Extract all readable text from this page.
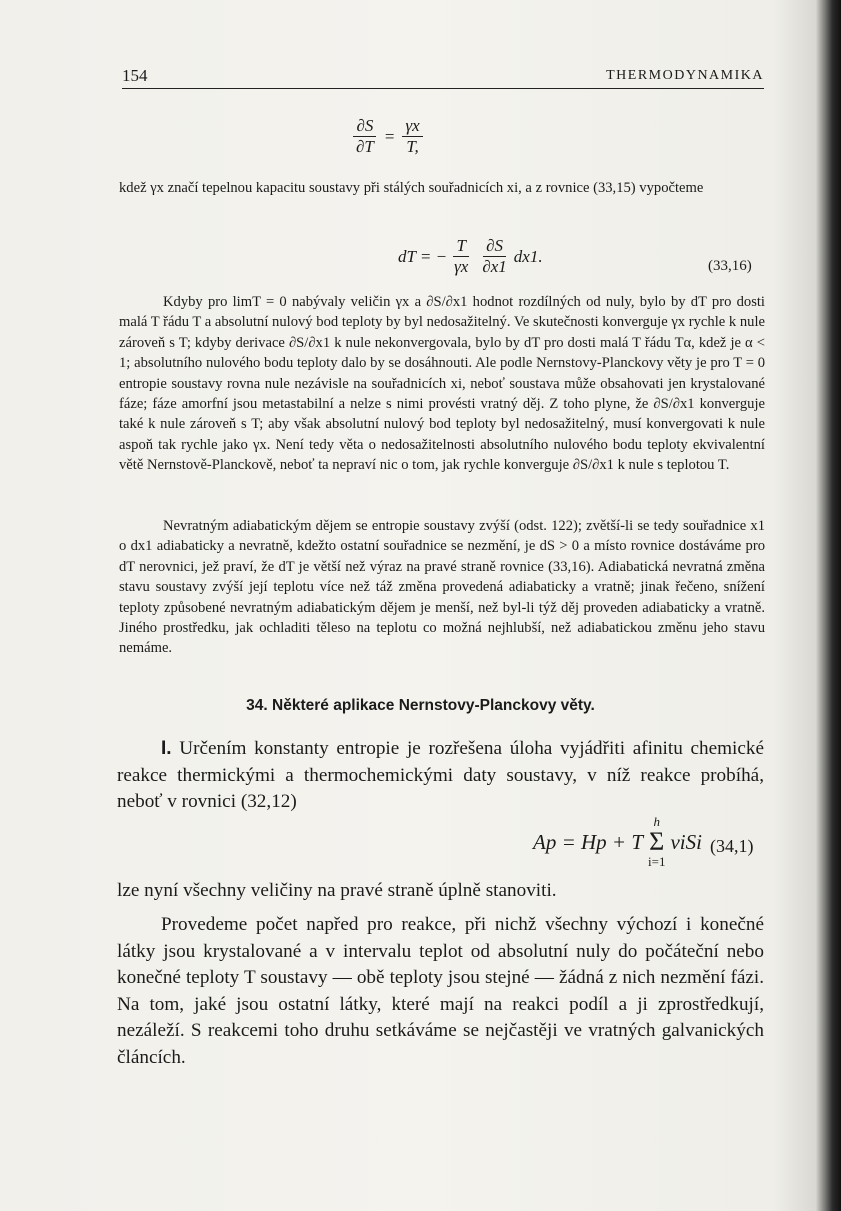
154	THERMODYNAMIKA
$\frac{\partial S}{\partial T} = \frac{\gamma x}{T,}$

kdež γx značí tepelnou kapacitu soustavy při stálých souřadnicích xi, a z rovnice (33,15) vypočteme

dT = − $\frac{T}{\gamma x} \frac{\partial S}{\partial x1} dx1$.
(33,16)

Kdyby pro limT = 0 nabývaly veličin γx a ∂S/∂x1 hodnot rozdílných od nuly, bylo by dT pro dosti malá T řádu T a absolutní nulový bod teploty by byl nedosažitelný. Ve skutečnosti konverguje γx rychle k nule zároveň s T; kdyby derivace ∂S/∂x1 k nule nekonvergovala, bylo by dT pro dosti malá T řádu Tα, kdež je α < 1; absolutního nulového bodu teploty dalo by se dosáhnouti. Ale podle Nernstovy-Planckovy věty je pro T = 0 entropie soustavy rovna nule nezávisle na souřadnicích xi, neboť soustava může obsahovati jen krystalované fáze; fáze amorfní jsou metastabilní a nelze s nimi provésti vratný děj. Z toho plyne, že ∂S/∂x1 konverguje také k nule zároveň s T; aby však absolutní nulový bod teploty byl nedosažitelný, musí konvergovati k nule aspoň tak rychle jako γx. Není tedy věta o nedosažitelnosti absolutního nulového bodu teploty ekvivalentní větě Nernstově-Planckově, neboť ta nepraví nic o tom, jak rychle konverguje ∂S/∂x1 k nule s teplotou T.

Nevratným adiabatickým dějem se entropie soustavy zvýší (odst. 122); zvětší-li se tedy souřadnice x1 o dx1 adiabaticky a nevratně, kdežto ostatní souřadnice se nezmění, je dS > 0 a místo rovnice dostáváme pro dT nerovnici, jež praví, že dT je větší než výraz na pravé straně rovnice (33,16). Adiabatická nevratná změna stavu soustavy zvýší její teplotu více než táž změna provedená adiabaticky a vratně; jinak řečeno, snížení teploty způsobené nevratným adiabatickým dějem je menší, než byl-li týž děj proveden adiabaticky a vratně. Jiného prostředku, jak ochladiti těleso na teplotu co možná nejhlubší, než adiabatickou změnu jeho stavu nemáme.

34. Některé aplikace Nernstovy-Planckovy věty.

I. Určením konstanty entropie je rozřešena úloha vyjádřiti afinitu chemické reakce thermickými a thermochemickými daty soustavy, v níž reakce probíhá, neboť v rovnici (32,12)

Ap = Hp + T
h
Σ
i=1
νiSi (34,1)

lze nyní všechny veličiny na pravé straně úplně stanoviti.

Provedeme počet napřed pro reakce, při nichž všechny výchozí i konečné látky jsou krystalované a v intervalu teplot od absolutní nuly do počáteční nebo konečné teploty T soustavy — obě teploty jsou stejné — žádná z nich nezmění fázi. Na tom, jaké jsou ostatní látky, které mají na reakci podíl a ji zprostředkují, nezáleží. S reakcemi toho druhu setkáváme se nejčastěji ve vratných galvanických článcích.
